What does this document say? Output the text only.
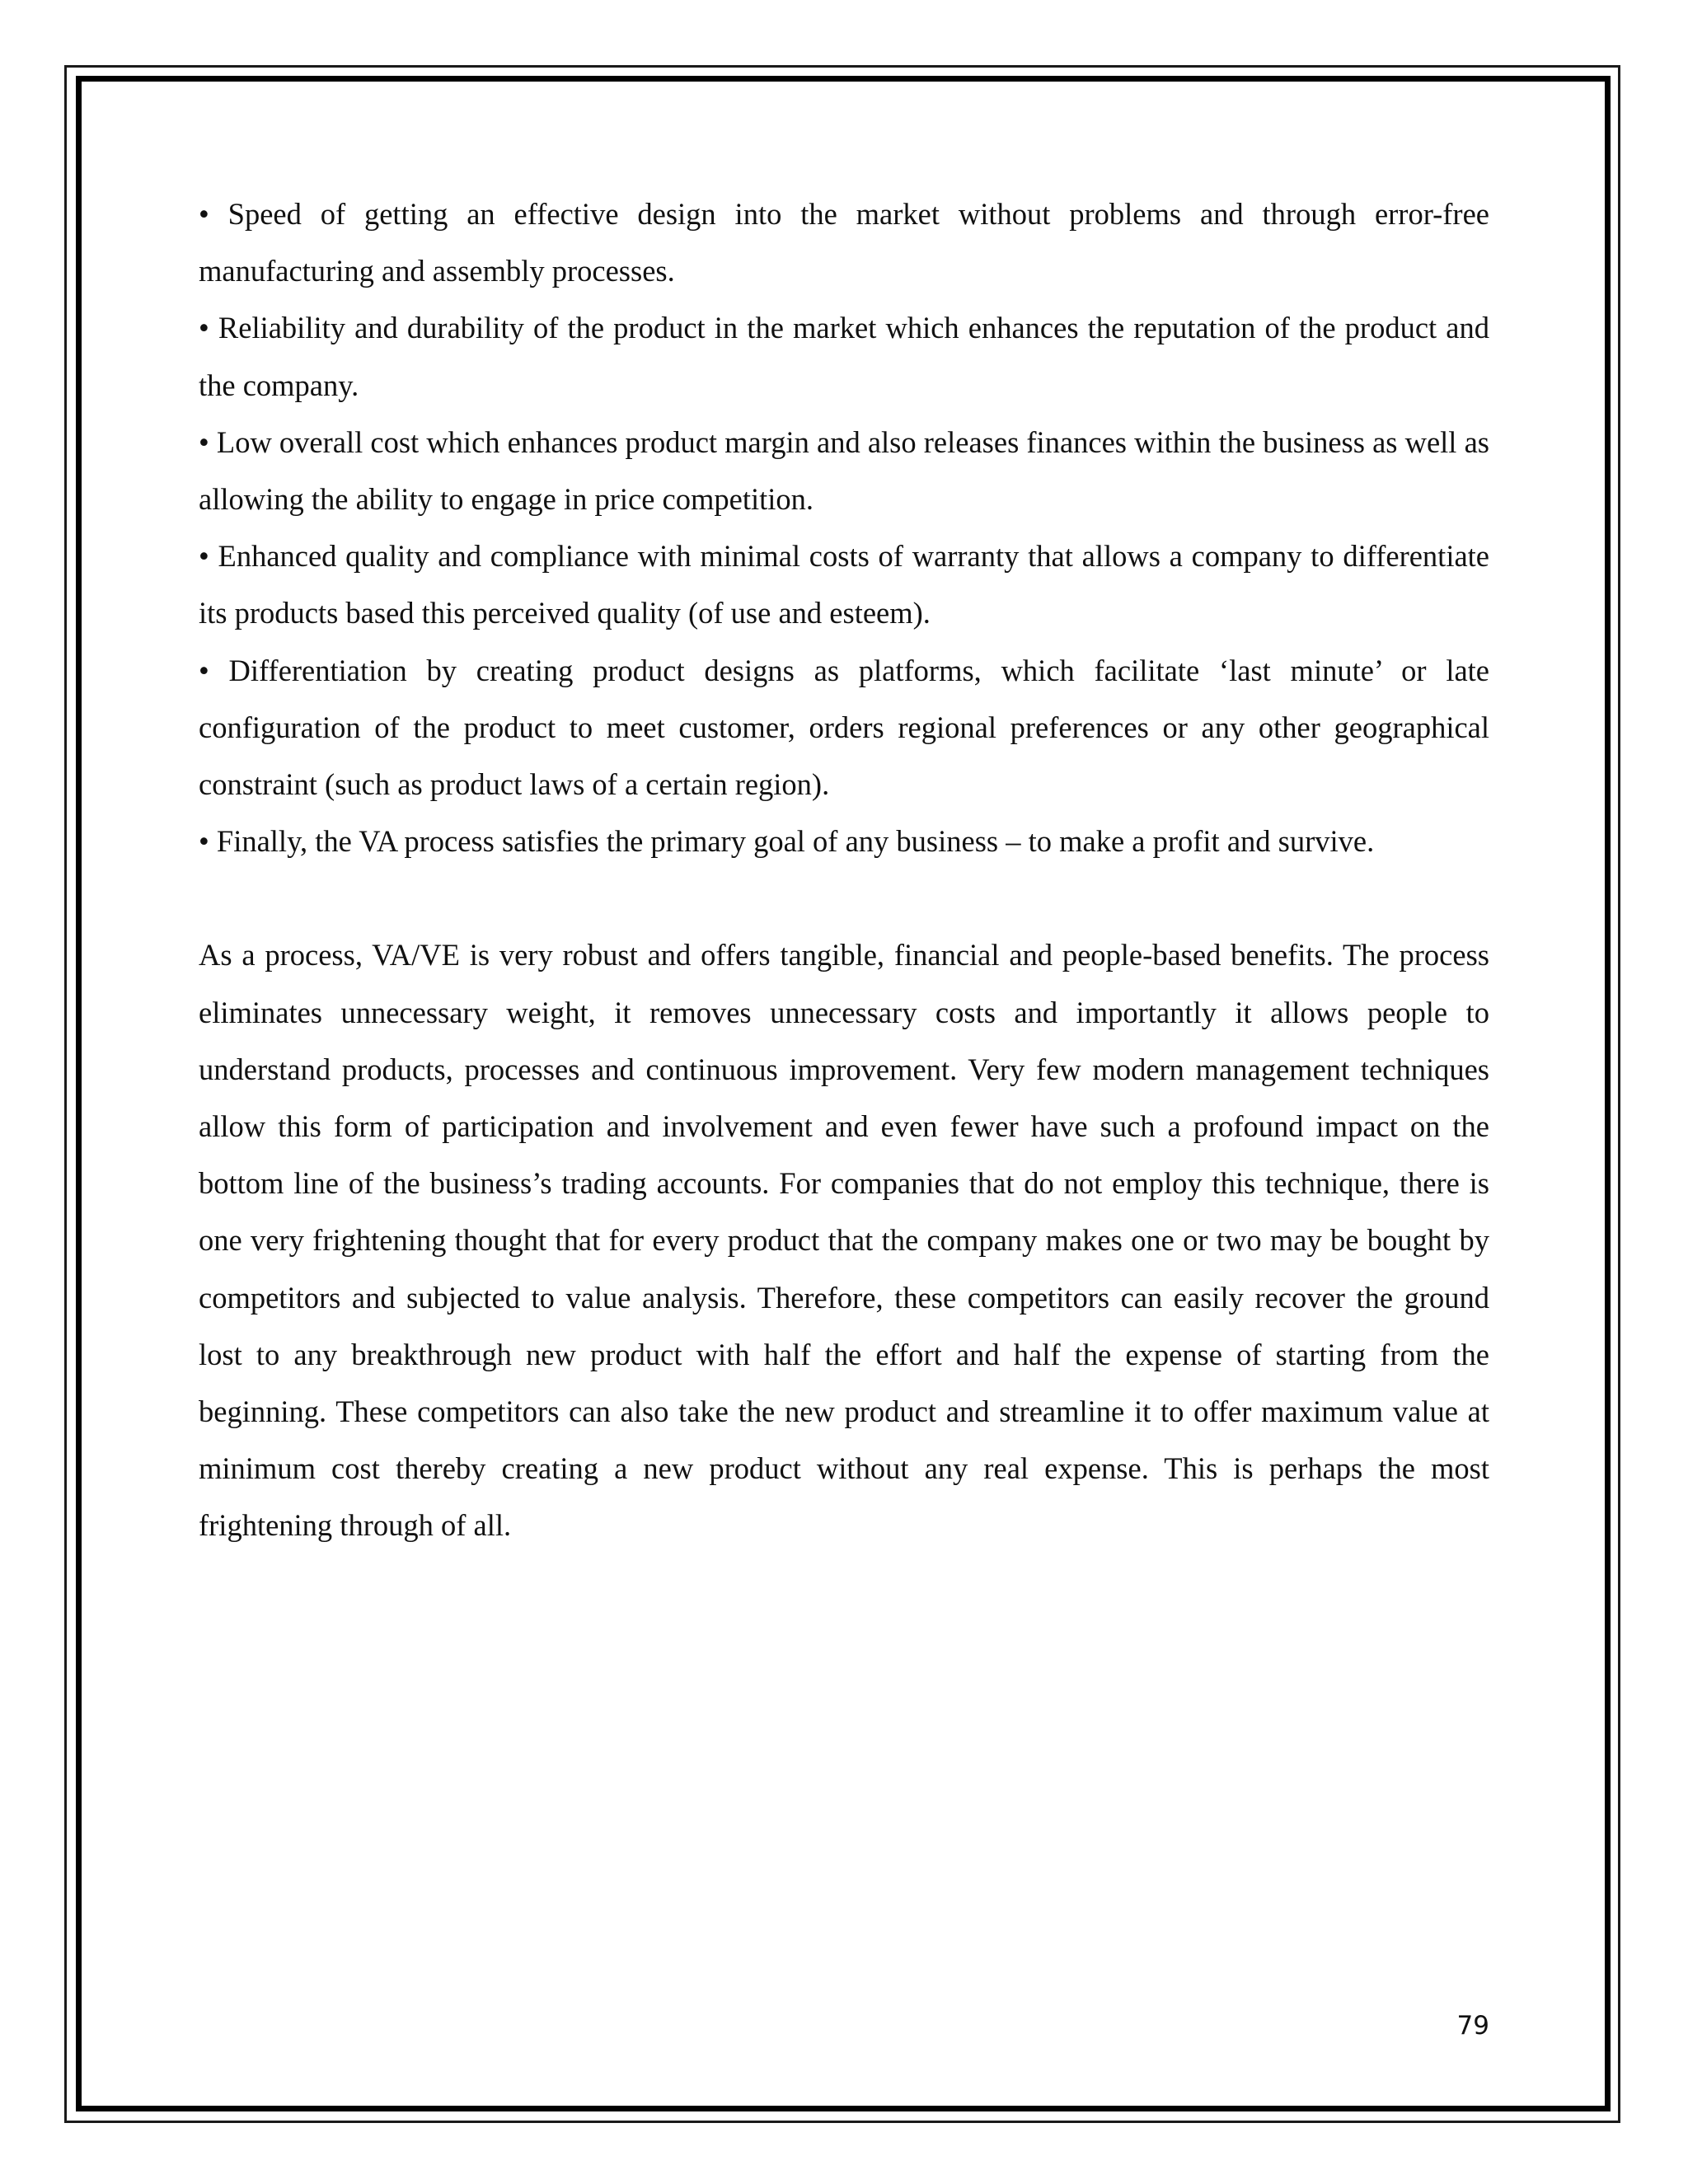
• Speed of getting an effective design into the market without problems and through error-free manufacturing and assembly processes.

• Reliability and durability of the product in the market which enhances the reputation of the product and the company.

• Low overall cost which enhances product margin and also releases finances within the business as well as allowing the ability to engage in price competition.

• Enhanced quality and compliance with minimal costs of warranty that allows a company to differentiate its products based this perceived quality (of use and esteem).

• Differentiation by creating product designs as platforms, which facilitate ‘last minute’ or late configuration of the product to meet customer, orders regional preferences or any other geographical constraint (such as product laws of a certain region).

• Finally, the VA process satisfies the primary goal of any business – to make a profit and survive.

As a process, VA/VE is very robust and offers tangible, financial and people-based benefits. The process eliminates unnecessary weight, it removes unnecessary costs and importantly it allows people to understand products, processes and continuous improvement. Very few modern management techniques allow this form of participation and involvement and even fewer have such a profound impact on the bottom line of the business’s trading accounts. For companies that do not employ this technique, there is one very frightening thought that for every product that the company makes one or two may be bought by competitors and subjected to value analysis. Therefore, these competitors can easily recover the ground lost to any breakthrough new product with half the effort and half the expense of starting from the beginning. These competitors can also take the new product and streamline it to offer maximum value at minimum cost thereby creating a new product without any real expense. This is perhaps the most frightening through of all.

79
